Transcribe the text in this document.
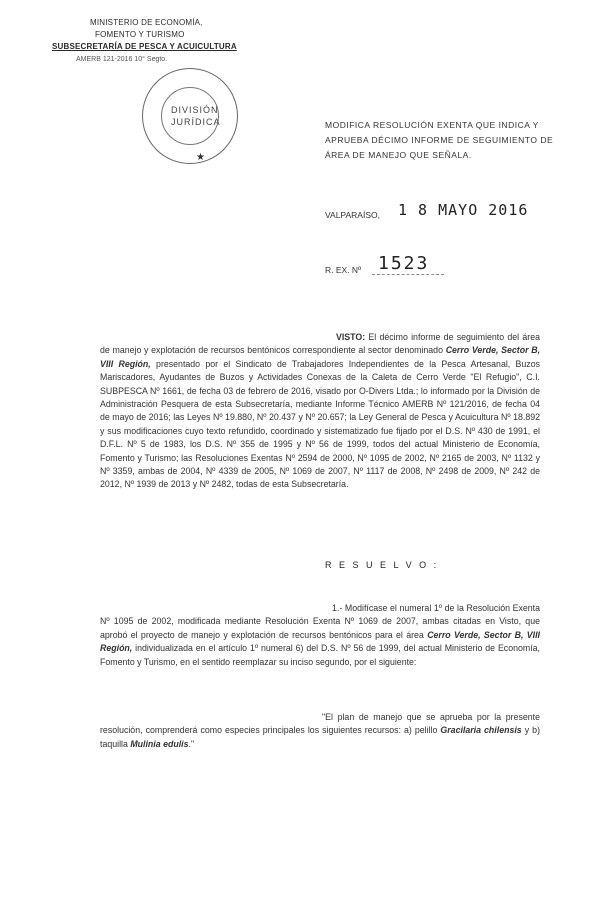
MINISTERIO DE ECONOMÍA,
FOMENTO Y TURISMO
SUBSECRETARÍA DE PESCA Y ACUICULTURA
AMERB 121-2016 10° Segto.
DIVISIÓN
JURÍDICA
★
MODIFICA RESOLUCIÓN EXENTA QUE INDICA Y
APRUEBA DÉCIMO INFORME DE SEGUIMIENTO DE
ÁREA DE MANEJO QUE SEÑALA.
VALPARAÍSO, 1 8 MAYO 2016
R. EX. Nº 1523
VISTO: El décimo informe de seguimiento del área de manejo y explotación de recursos bentónicos correspondiente al sector denominado Cerro Verde, Sector B, VIII Región, presentado por el Sindicato de Trabajadores Independientes de la Pesca Artesanal, Buzos Mariscadores, Ayudantes de Buzos y Actividades Conexas de la Caleta de Cerro Verde "El Refugio", C.I. SUBPESCA Nº 1661, de fecha 03 de febrero de 2016, visado por O-Divers Ltda.; lo informado por la División de Administración Pesquera de esta Subsecretaría, mediante Informe Técnico AMERB Nº 121/2016, de fecha 04 de mayo de 2016; las Leyes Nº 19.880, Nº 20.437 y Nº 20.657; la Ley General de Pesca y Acuicultura Nº 18.892 y sus modificaciones cuyo texto refundido, coordinado y sistematizado fue fijado por el D.S. Nº 430 de 1991, el D.F.L. Nº 5 de 1983, los D.S. Nº 355 de 1995 y Nº 56 de 1999, todos del actual Ministerio de Economía, Fomento y Turismo; las Resoluciones Exentas Nº 2594 de 2000, Nº 1095 de 2002, Nº 2165 de 2003, Nº 1132 y Nº 3359, ambas de 2004, Nº 4339 de 2005, Nº 1069 de 2007, Nº 1117 de 2008, Nº 2498 de 2009, Nº 242 de 2012, Nº 1939 de 2013 y Nº 2482, todas de esta Subsecretaría.
R E S U E L V O :
1.- Modifícase el numeral 1º de la Resolución Exenta Nº 1095 de 2002, modificada mediante Resolución Exenta Nº 1069 de 2007, ambas citadas en Visto, que aprobó el proyecto de manejo y explotación de recursos bentónicos para el área Cerro Verde, Sector B, VIII Región, individualizada en el artículo 1º numeral 6) del D.S. Nº 56 de 1999, del actual Ministerio de Economía, Fomento y Turismo, en el sentido reemplazar su inciso segundo, por el siguiente:
"El plan de manejo que se aprueba por la presente resolución, comprenderá como especies principales los siguientes recursos: a) pelillo Gracilaria chilensis y b) taquilla Mulinia edulis."
